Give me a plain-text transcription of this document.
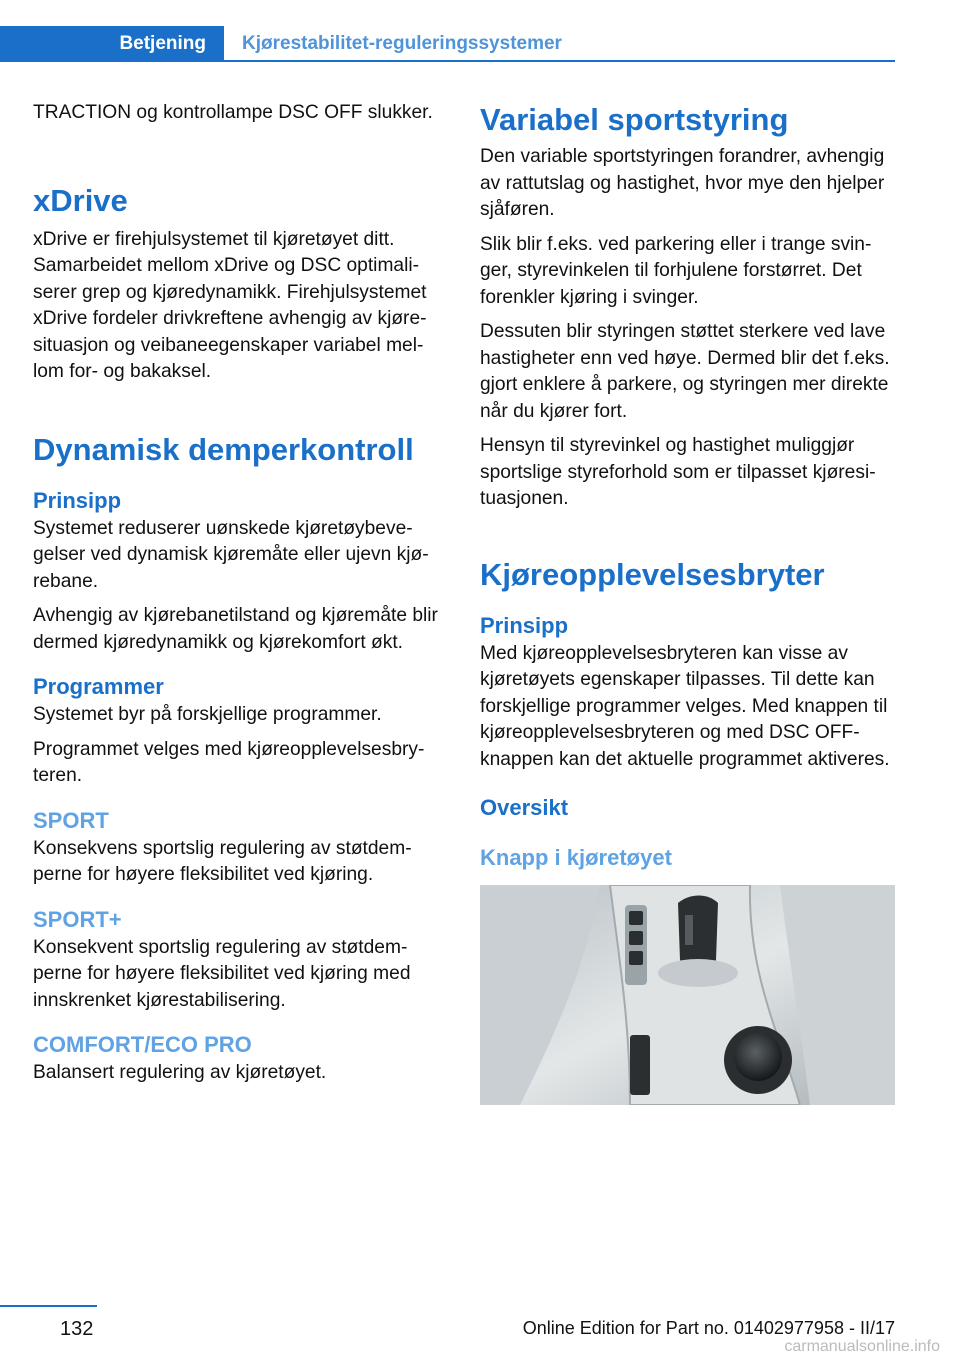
Betjening	Kjørestabilitet-reguleringssystemer

TRACTION og kontrollampe DSC OFF slukker.

xDrive

xDrive er firehjulsystemet til kjøretøyet ditt. Samarbeidet mellom xDrive og DSC optimaliserer grep og kjøredynamikk. Firehjulsystemet xDrive fordeler drivkreftene avhengig av kjøresituasjon og veibaneegenskaper variabel mellom for- og bakaksel.

Dynamisk demperkontroll
Prinsipp

Systemet reduserer uønskede kjøretøybevegelser ved dynamisk kjøremåte eller ujevn kjørebane.

Avhengig av kjørebanetilstand og kjøremåte blir dermed kjøredynamikk og kjørekomfort økt.

Programmer

Systemet byr på forskjellige programmer.

Programmet velges med kjøreopplevelsesbryteren.

SPORT

Konsekvens sportslig regulering av støtdemperne for høyere fleksibilitet ved kjøring.

SPORT+

Konsekvent sportslig regulering av støtdemperne for høyere fleksibilitet ved kjøring med innskrenket kjørestabilisering.

COMFORT/ECO PRO

Balansert regulering av kjøretøyet.

Variabel sportstyring

Den variable sportstyringen forandrer, avhengig av rattutslag og hastighet, hvor mye den hjelper sjåføren.

Slik blir f.eks. ved parkering eller i trange svinger, styrevinkelen til forhjulene forstørret. Det forenkler kjøring i svinger.

Dessuten blir styringen støttet sterkere ved lave hastigheter enn ved høye. Dermed blir det f.eks. gjort enklere å parkere, og styringen mer direkte når du kjører fort.

Hensyn til styrevinkel og hastighet muliggjør sportslige styreforhold som er tilpasset kjøresituasjonen.

Kjøreopplevelsesbryter
Prinsipp

Med kjøreopplevelsesbryteren kan visse av kjøretøyets egenskaper tilpasses. Til dette kan forskjellige programmer velges. Med knappen til kjøreopplevelsesbryteren og med DSC OFF-knappen kan det aktuelle programmet aktiveres.

Oversikt
Knapp i kjøretøyet
132	Online Edition for Part no. 01402977958 - II/17
carmanualsonline.info
